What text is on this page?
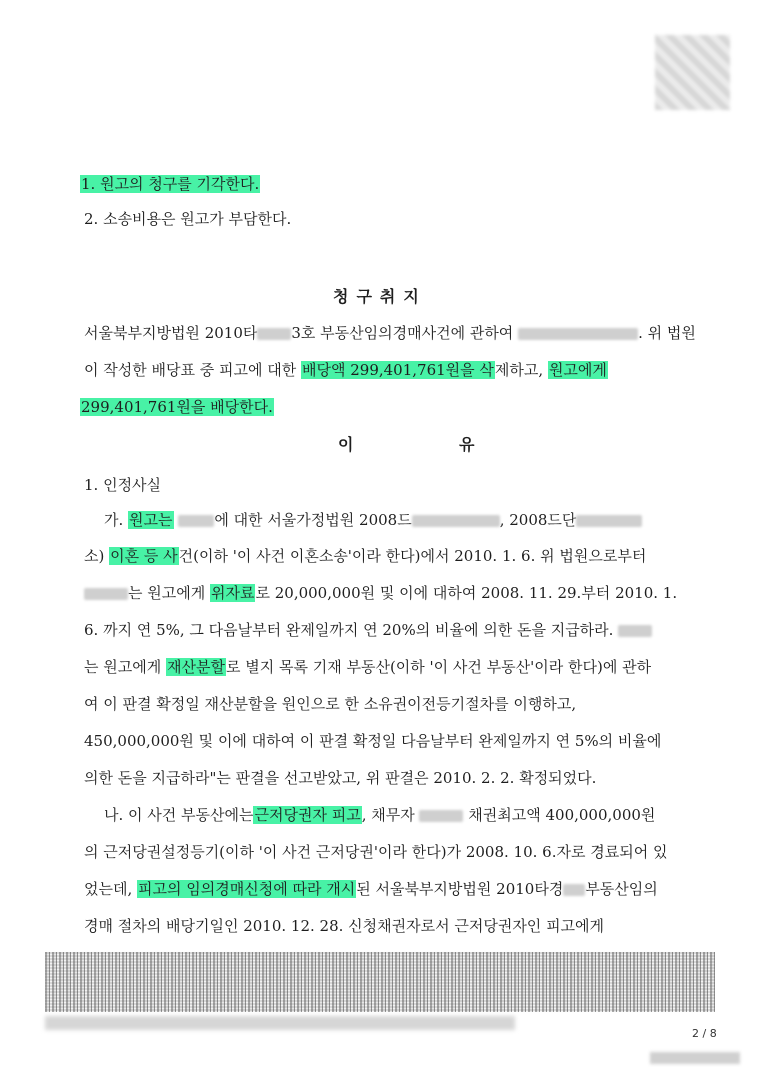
1. 원고의 청구를 기각한다.
2. 소송비용은 원고가 부담한다.
청구취지
서울북부지방법원 2010타 3호 부동산임의경매사건에 관하여	. 위 법원
이 작성한 배당표 중 피고에 대한 배당액 299,401,761원을 삭제하고, 원고에게
299,401,761원을 배당한다.
이 유
1. 인정사실
가. 원고는	에 대한 서울가정법원 2008드	, 2008드단
소) 이혼 등 사건(이하 '이 사건 이혼소송'이라 한다)에서 2010. 1. 6. 위 법원으로부터
는 원고에게 위자료로 20,000,000원 및 이에 대하여 2008. 11. 29.부터 2010. 1.
6. 까지 연 5%, 그 다음날부터 완제일까지 연 20%의 비율에 의한 돈을 지급하라.
는 원고에게 재산분할로 별지 목록 기재 부동산(이하 '이 사건 부동산'이라 한다)에 관하
여 이 판결 확정일 재산분할을 원인으로 한 소유권이전등기절차를 이행하고,
450,000,000원 및 이에 대하여 이 판결 확정일 다음날부터 완제일까지 연 5%의 비율에
의한 돈을 지급하라"는 판결을 선고받았고, 위 판결은 2010. 2. 2. 확정되었다.
나. 이 사건 부동산에는근저당권자 피고, 채무자	채권최고액 400,000,000원
의 근저당권설정등기(이하 '이 사건 근저당권'이라 한다)가 2008. 10. 6.자로 경료되어 있
었는데, 피고의 임의경매신청에 따라 개시된 서울북부지방법원 2010타경 부동산임의
경매 절차의 배당기일인 2010. 12. 28. 신청채권자로서 근저당권자인 피고에게
2 / 8
